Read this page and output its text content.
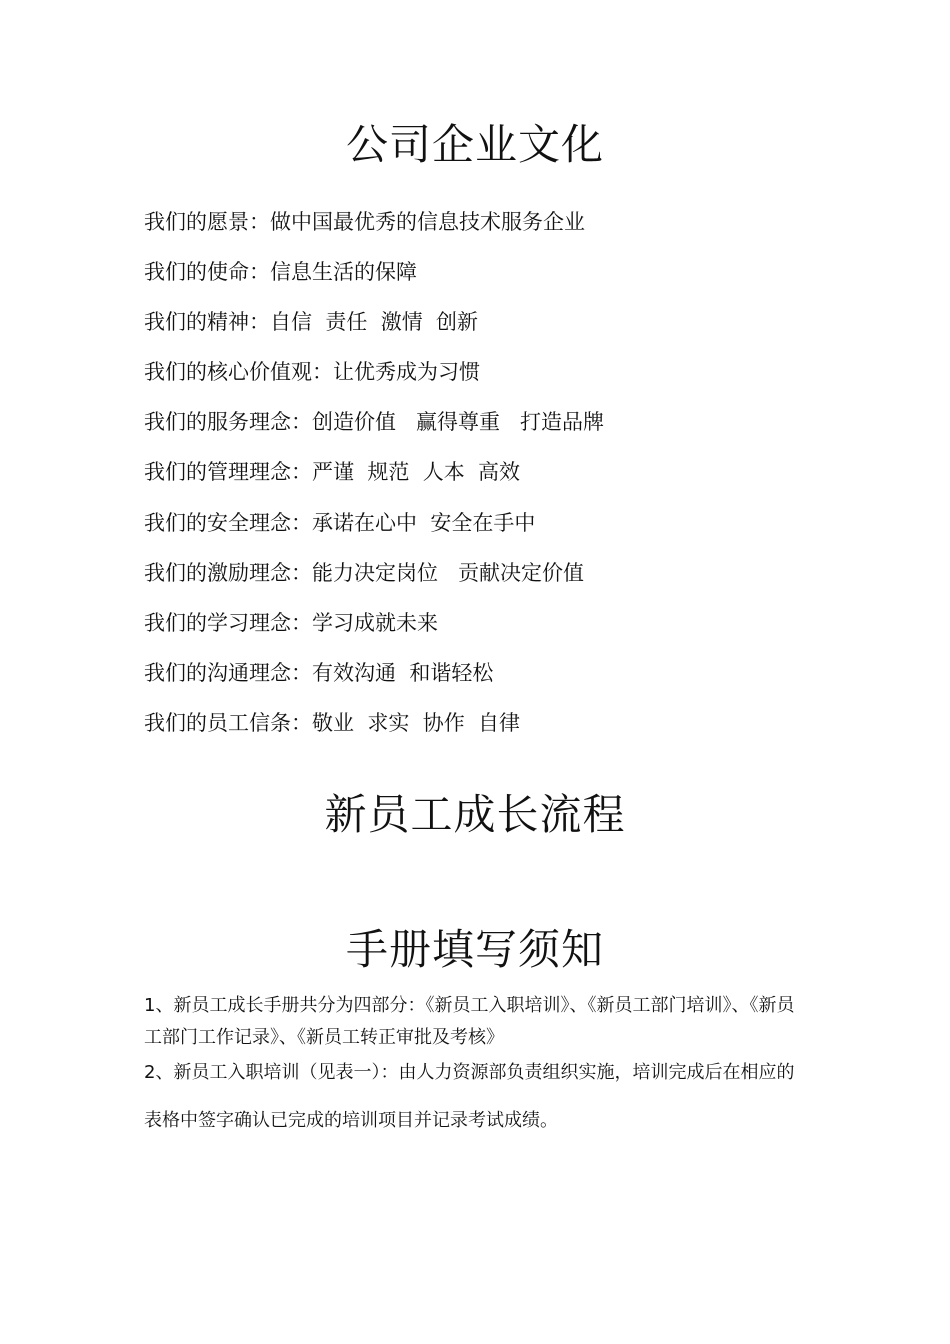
公司企业文化
我们的愿景：做中国最优秀的信息技术服务企业
我们的使命：信息生活的保障
我们的精神：自信  责任  激情  创新
我们的核心价值观：让优秀成为习惯
我们的服务理念：创造价值   赢得尊重   打造品牌
我们的管理理念：严谨  规范  人本  高效
我们的安全理念：承诺在心中  安全在手中
我们的激励理念：能力决定岗位   贡献决定价值
我们的学习理念：学习成就未来
我们的沟通理念：有效沟通  和谐轻松
我们的员工信条：敬业  求实  协作  自律
新员工成长流程
手册填写须知

1、新员工成长手册共分为四部分：《新员工入职培训》、《新员工部门培训》、《新员工部门工作记录》、《新员工转正审批及考核》

2、新员工入职培训（见表一）：由人力资源部负责组织实施，培训完成后在相应的表格中签字确认已完成的培训项目并记录考试成绩。
